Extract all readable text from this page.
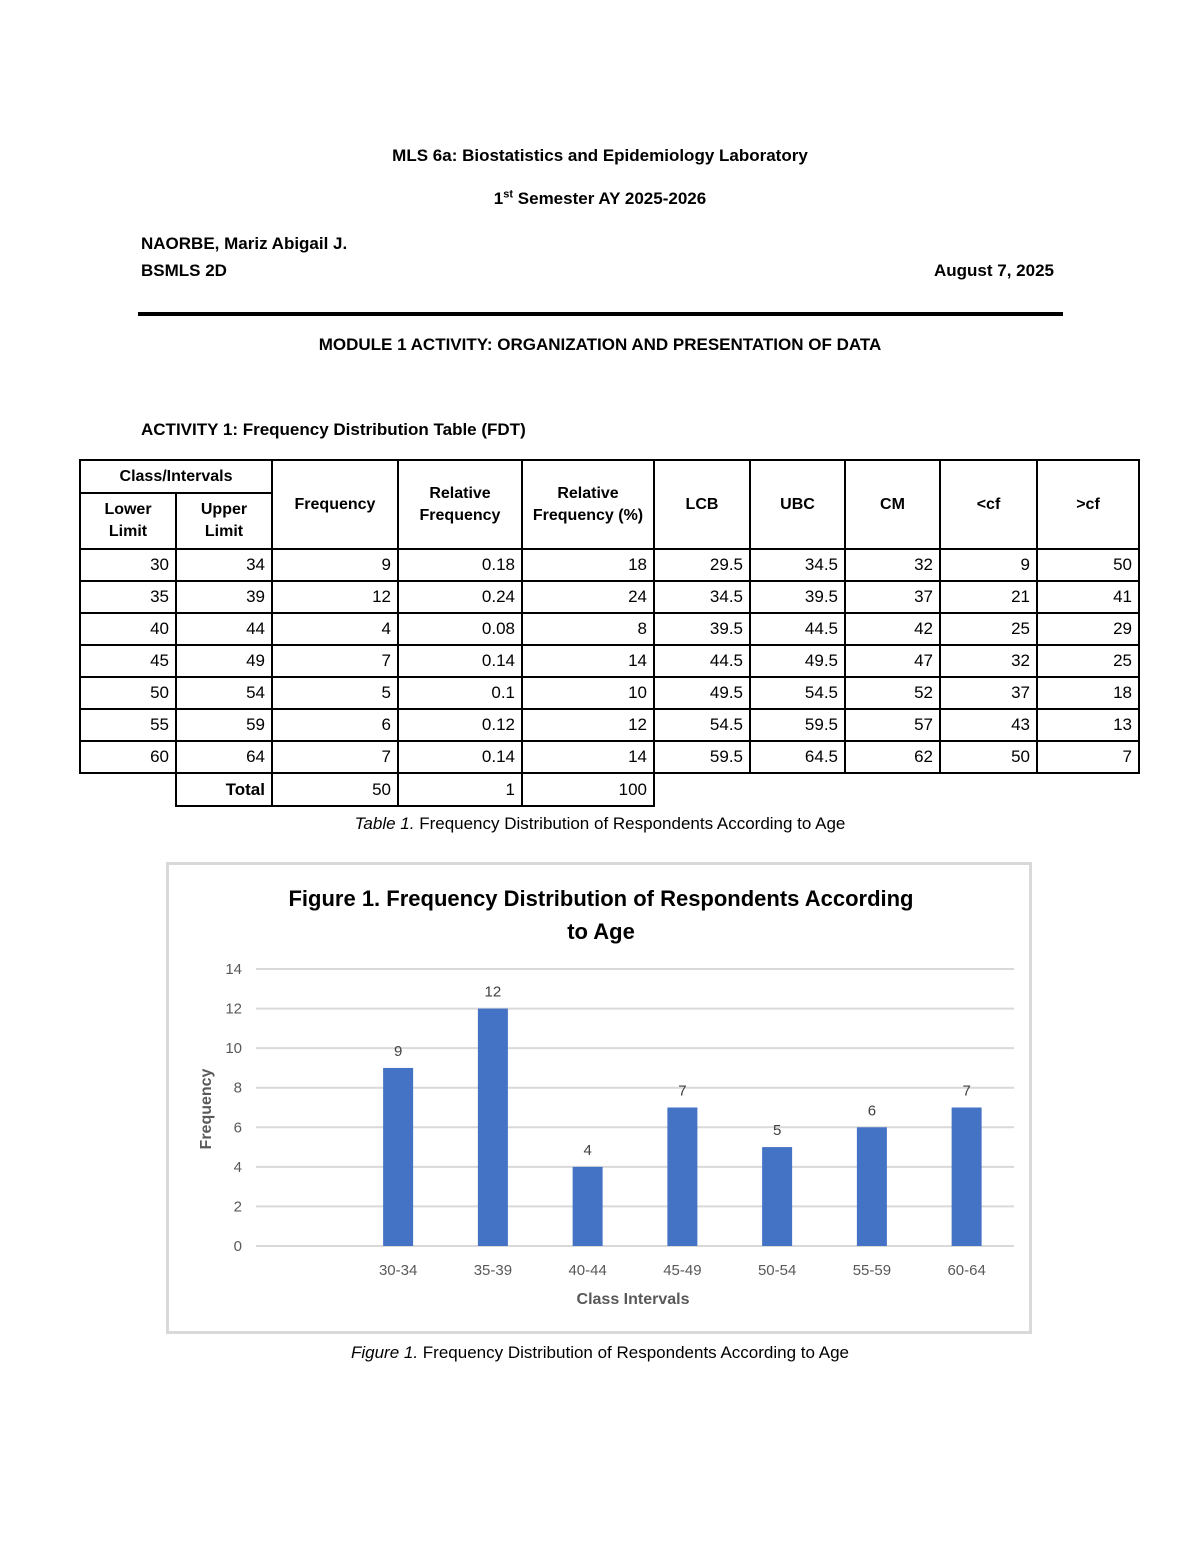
MLS 6a: Biostatistics and Epidemiology Laboratory
1st Semester AY 2025-2026
NAORBE, Mariz Abigail J.
BSMLS 2D	August 7, 2025
MODULE 1 ACTIVITY: ORGANIZATION AND PRESENTATION OF DATA
ACTIVITY 1: Frequency Distribution Table (FDT)
Class/Intervals		Frequency	Relative Frequency	Relative Frequency (%)	LCB	UBC	CM	<cf	>cf
Lower Limit	Upper Limit								
30	34	9	0.18	18	29.5	34.5	32	9	50
35	39	12	0.24	24	34.5	39.5	37	21	41
40	44	4	0.08	8	39.5	44.5	42	25	29
45	49	7	0.14	14	44.5	49.5	47	32	25
50	54	5	0.1	10	49.5	54.5	52	37	18
55	59	6	0.12	12	54.5	59.5	57	43	13
60	64	7	0.14	14	59.5	64.5	62	50	7
	Total	50	1	100					
Table 1. Frequency Distribution of Respondents According to Age
Figure 1. Frequency Distribution of Respondents According
to Age
0
2
4
6
8
10
12
14
9
30-34
12
35-39
4
40-44
7
45-49
5
50-54
6
55-59
7
60-64
Class Intervals
Frequency
Figure 1. Frequency Distribution of Respondents According to Age
